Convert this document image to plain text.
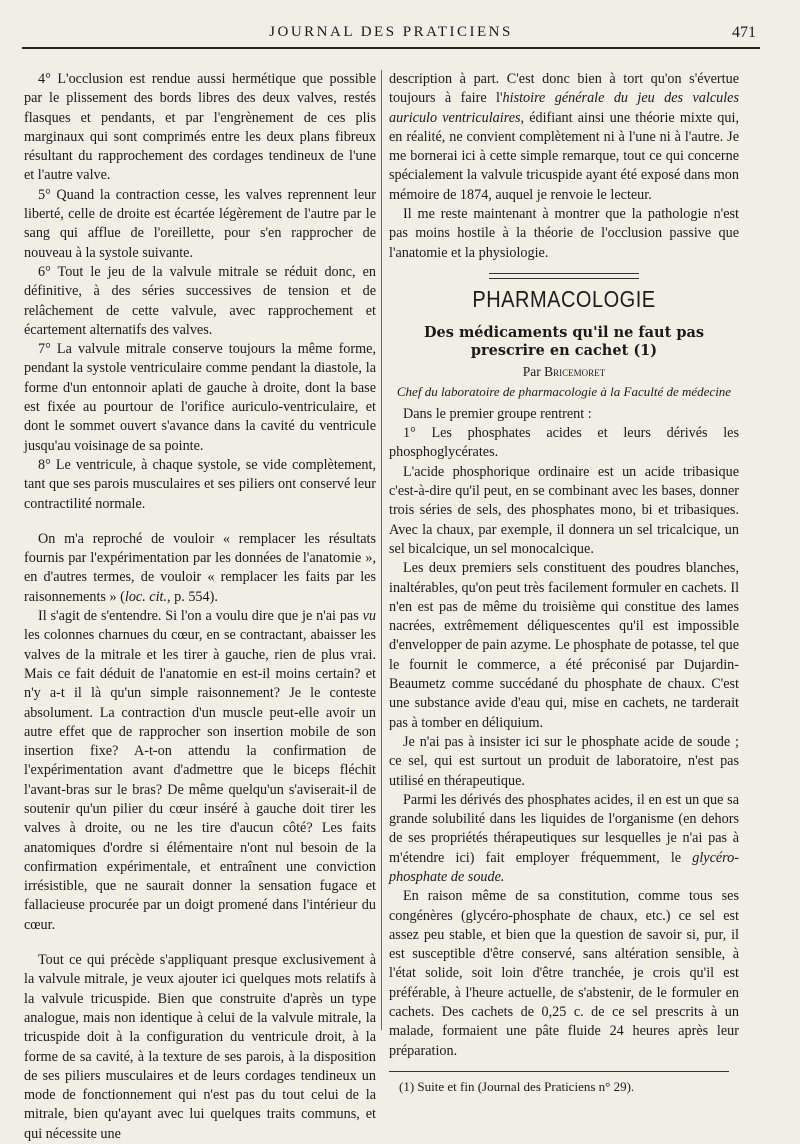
JOURNAL DES PRATICIENS	471

4° L'occlusion est rendue aussi hermétique que possible par le plissement des bords libres des deux valves, restés flasques et pendants, et par l'engrènement de ces plis marginaux qui sont comprimés entre les deux plans fibreux résultant du rapprochement des cordages tendineux de l'une et l'autre valve.

5° Quand la contraction cesse, les valves reprennent leur liberté, celle de droite est écartée légèrement de l'autre par le sang qui afflue de l'oreillette, pour s'en rapprocher de nouveau à la systole suivante.

6° Tout le jeu de la valvule mitrale se réduit donc, en définitive, à des séries successives de tension et de relâchement de cette valvule, avec rapprochement et écartement alternatifs des valves.

7° La valvule mitrale conserve toujours la même forme, pendant la systole ventriculaire comme pendant la diastole, la forme d'un entonnoir aplati de gauche à droite, dont la base est fixée au pourtour de l'orifice auriculo-ventriculaire, et dont le sommet ouvert s'avance dans la cavité du ventricule jusqu'au voisinage de sa pointe.

8° Le ventricule, à chaque systole, se vide complètement, tant que ses parois musculaires et ses piliers ont conservé leur contractilité normale.

On m'a reproché de vouloir « remplacer les résultats fournis par l'expérimentation par les données de l'anatomie », en d'autres termes, de vouloir « remplacer les faits par les raisonnements » (loc. cit., p. 554).

Il s'agit de s'entendre. Si l'on a voulu dire que je n'ai pas vu les colonnes charnues du cœur, en se contractant, abaisser les valves de la mitrale et les tirer à gauche, rien de plus vrai. Mais ce fait déduit de l'anatomie en est-il moins certain? et n'y a-t il là qu'un simple raisonnement? Je le conteste absolument. La contraction d'un muscle peut-elle avoir un autre effet que de rapprocher son insertion mobile de son insertion fixe? A-t-on attendu la confirmation de l'expérimentation avant d'admettre que le biceps fléchit l'avant-bras sur le bras? De même quelqu'un s'aviserait-il de soutenir qu'un pilier du cœur inséré à gauche doit tirer les valves à droite, ou ne les tire d'aucun côté? Les faits anatomiques d'ordre si élémentaire n'ont nul besoin de la confirmation expérimentale, et entraînent une conviction irrésistible, que ne saurait donner la sensation fugace et fallacieuse procurée par un doigt promené dans l'intérieur du cœur.

Tout ce qui précède s'appliquant presque exclusivement à la valvule mitrale, je veux ajouter ici quelques mots relatifs à la valvule tricuspide. Bien que construite d'après un type analogue, mais non identique à celui de la valvule mitrale, la tricuspide doit à la configuration du ventricule droit, à la forme de sa cavité, à la texture de ses parois, à la disposition de ses piliers musculaires et de leurs cordages tendineux un mode de fonctionnement qui n'est pas du tout celui de la mitrale, bien qu'ayant avec lui quelques traits communs, et qui nécessite une

description à part. C'est donc bien à tort qu'on s'évertue toujours à faire l'histoire générale du jeu des valcules auriculo ventriculaires, édifiant ainsi une théorie mixte qui, en réalité, ne convient complètement ni à l'une ni à l'autre. Je me bornerai ici à cette simple remarque, tout ce qui concerne spécialement la valvule tricuspide ayant été exposé dans mon mémoire de 1874, auquel je renvoie le lecteur.

Il me reste maintenant à montrer que la pathologie n'est pas moins hostile à la théorie de l'occlusion passive que l'anatomie et la physiologie.

PHARMACOLOGIE
Des médicaments qu'il ne faut pas prescrire en cachet (1)
Par Bricemoret
Chef du laboratoire de pharmacologie à la Faculté de médecine

Dans le premier groupe rentrent :

1° Les phosphates acides et leurs dérivés les phosphoglycérates.

L'acide phosphorique ordinaire est un acide tribasique c'est-à-dire qu'il peut, en se combinant avec les bases, donner trois séries de sels, des phosphates mono, bi et tribasiques. Avec la chaux, par exemple, il donnera un sel tricalcique, un sel bicalcique, un sel monocalcique.

Les deux premiers sels constituent des poudres blanches, inaltérables, qu'on peut très facilement formuler en cachets. Il n'en est pas de même du troisième qui constitue des lames nacrées, extrêmement déliquescentes qu'il est impossible d'envelopper de pain azyme. Le phosphate de potasse, tel que le fournit le commerce, a été préconisé par Dujardin-Beaumetz comme succédané du phosphate de chaux. C'est une substance avide d'eau qui, mise en cachets, ne tarderait pas à tomber en déliquium.

Je n'ai pas à insister ici sur le phosphate acide de soude ; ce sel, qui est surtout un produit de laboratoire, n'est pas utilisé en thérapeutique.

Parmi les dérivés des phosphates acides, il en est un que sa grande solubilité dans les liquides de l'organisme (en dehors de ses propriétés thérapeutiques sur lesquelles je n'ai pas à m'étendre ici) fait employer fréquemment, le glycéro-phosphate de soude.

En raison même de sa constitution, comme tous ses congénères (glycéro-phosphate de chaux, etc.) ce sel est assez peu stable, et bien que la question de savoir si, pur, il est susceptible d'être conservé, sans altération sensible, à l'état solide, soit loin d'être tranchée, je crois qu'il est préférable, à l'heure actuelle, de s'abstenir, de le formuler en cachets. Des cachets de 0,25 c. de ce sel prescrits à un malade, formaient une pâte fluide 24 heures après leur préparation.

(1) Suite et fin (Journal des Praticiens n° 29).
